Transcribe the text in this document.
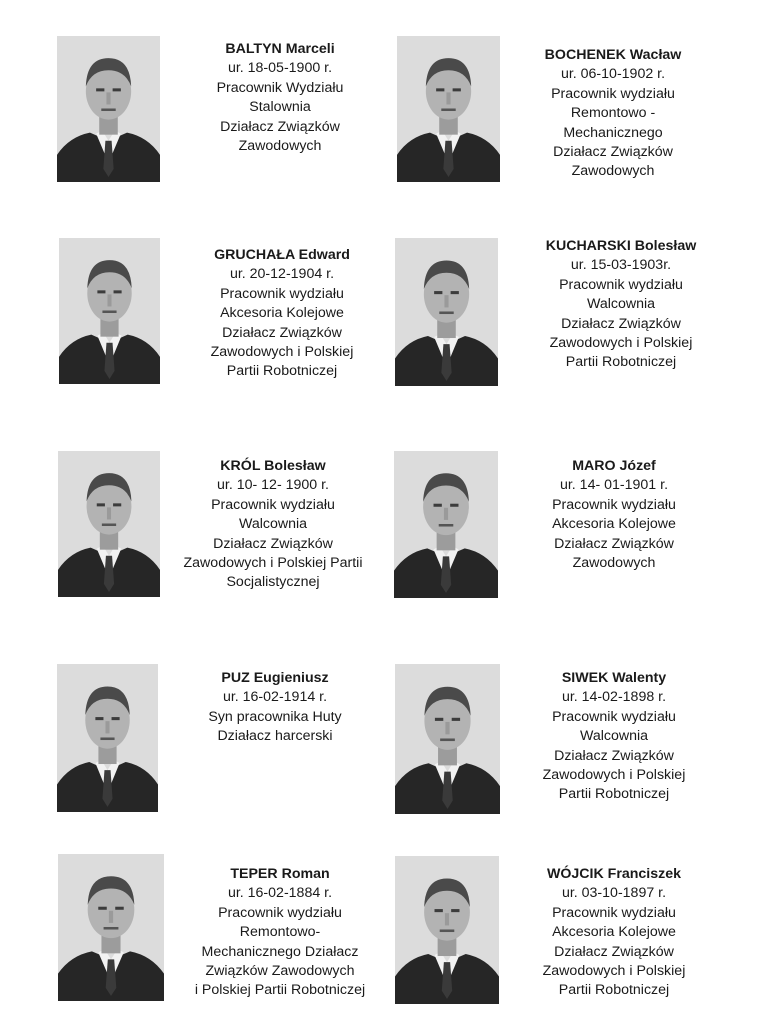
BALTYN Marceli
ur. 18-05-1900 r.
Pracownik Wydziału
Stalownia
Działacz Związków
Zawodowych
BOCHENEK Wacław
ur. 06-10-1902 r.
Pracownik wydziału
Remontowo -
Mechanicznego
Działacz Związków
Zawodowych
GRUCHAŁA Edward
ur. 20-12-1904 r.
Pracownik wydziału
Akcesoria Kolejowe
Działacz Związków
Zawodowych i Polskiej
Partii Robotniczej
KUCHARSKI Bolesław
ur. 15-03-1903r.
Pracownik wydziału
Walcownia
Działacz Związków
Zawodowych i Polskiej
Partii Robotniczej
KRÓL Bolesław
ur. 10- 12- 1900 r.
Pracownik wydziału
Walcownia
Działacz Związków
Zawodowych i Polskiej Partii
Socjalistycznej
MARO Józef
ur. 14- 01-1901 r.
Pracownik wydziału
Akcesoria Kolejowe
Działacz Związków
Zawodowych
PUZ Eugieniusz
ur. 16-02-1914 r.
Syn pracownika Huty
Działacz harcerski
SIWEK Walenty
ur. 14-02-1898 r.
Pracownik wydziału
Walcownia
Działacz Związków
Zawodowych i Polskiej
Partii Robotniczej
TEPER Roman
ur. 16-02-1884 r.
Pracownik wydziału
Remontowo-
Mechanicznego Działacz
Związków Zawodowych
i Polskiej Partii Robotniczej
WÓJCIK Franciszek
ur. 03-10-1897 r.
Pracownik wydziału
Akcesoria Kolejowe
Działacz Związków
Zawodowych i Polskiej
Partii Robotniczej
